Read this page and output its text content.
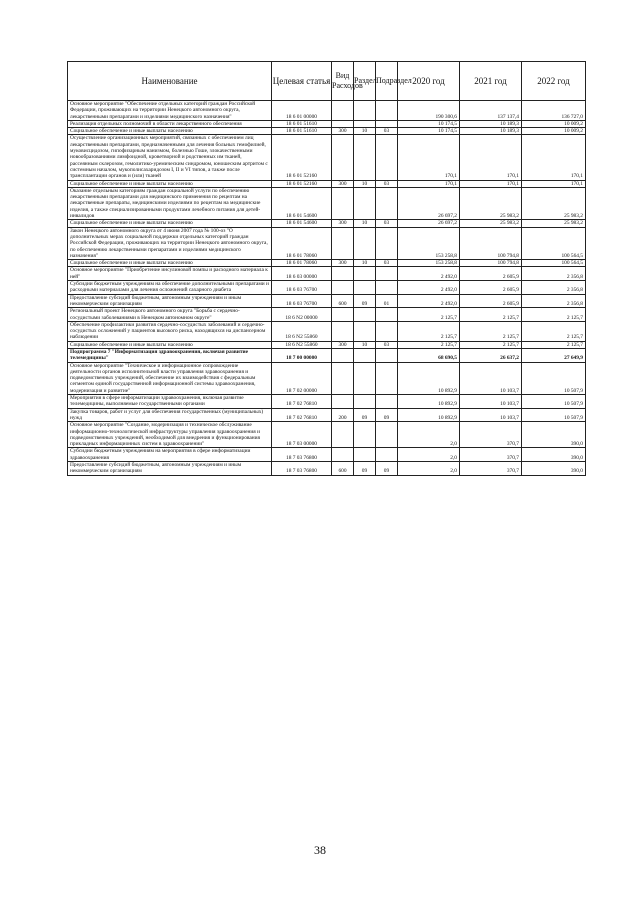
Наименование	Целевая статья	Вид Расходов	Раздел	Подраздел	2020 год	2021 год	2022 год
Основное мероприятие "Обеспечение отдельных категорий граждан Российской Федерации, проживающих на территории Ненецкого автономного округа, лекарственными препаратами и изделиями медицинского назначения"	18 6 01 00000				190 300,6	137 137,4	136 727,0
Реализация отдельных полномочий в области лекарственного обеспечения	18 6 01 51610				10 174,5	10 189,3	10 009,2
Социальное обеспечение и иные выплаты населению	18 6 01 51610	300	10	03	10 174,5	10 189,3	10 009,2
Осуществление организационных мероприятий, связанных с обеспечением лиц лекарственными препаратами, предназначенными для лечения больных гемофилией, муковисцидозом, гипофизарным нанизмом, болезнью Гоше, злокачественными новообразованиями лимфоидной, кроветворной и родственных им тканей, рассеянным склерозом, гемолитико-уремическим синдромом, юношеским артритом с системным началом, мукополисахаридозом I, II и VI типов, а также после трансплантации органов и (или) тканей	18 6 01 52160				170,1	170,1	170,1
Социальное обеспечение и иные выплаты населению	18 6 01 52160	300	10	03	170,1	170,1	170,1
Оказание отдельным категориям граждан социальной услуги по обеспечению лекарственными препаратами для медицинского применения по рецептам на лекарственные препараты, медицинскими изделиями по рецептам на медицинские изделия, а также специализированными продуктами лечебного питания для детей-инвалидов	18 6 01 54600				26 697,2	25 983,2	25 983,2
Социальное обеспечение и иные выплаты населению	18 6 01 54600	300	10	03	26 697,2	25 983,2	25 983,2
Закон Ненецкого автономного округа от 4 июня 2007 года № 100-оз "О дополнительных мерах социальной поддержки отдельных категорий граждан Российской Федерации, проживающих на территории Ненецкого автономного округа, по обеспечению лекарственными препаратами и изделиями медицинского назначения"	18 6 01 78060				153 258,8	100 794,8	100 564,5
Социальное обеспечение и иные выплаты населению	18 6 01 78060	300	10	03	153 258,8	100 794,8	100 564,5
Основное мероприятие "Приобретение инсулиновой помпы и расходного материала к ней"	18 6 03 00000				2 492,0	2 605,9	2 356,8
Субсидии бюджетным учреждениям на обеспечение дополнительными препаратами и расходными материалами для лечения осложнений сахарного диабета	18 6 03 76700				2 492,0	2 605,9	2 356,8
Предоставление субсидий бюджетным, автономным учреждениям и иным некоммерческим организациям	18 6 03 76700	600	09	01	2 492,0	2 605,9	2 356,8
Региональный проект Ненецкого автономного округа "Борьба с сердечно-сосудистыми заболеваниями в Ненецком автономном округе"	18 6 N2 00000				2 125,7	2 125,7	2 125,7
Обеспечение профилактики развития сердечно-сосудистых заболеваний и сердечно-сосудистых осложнений у пациентов высокого риска, находящихся на диспансерном наблюдении	18 6 N2 55860				2 125,7	2 125,7	2 125,7
Социальное обеспечение и иные выплаты населению	18 6 N2 55860	300	10	03	2 125,7	2 125,7	2 125,7
Подпрограмма 7 "Информатизация здравоохранения, включая развитие телемедицины"	18 7 00 00000				68 690,5	26 637,2	27 649,9
Основное мероприятие "Техническое и информационное сопровождение деятельности органов исполнительной власти управления здравоохранения и подведомственных учреждений, обеспечение их взаимодействия с федеральным сегментом единой государственной информационной системы здравоохранения, модернизация и развитие"	18 7 02 00000				10 892,9	10 103,7	10 507,9
Мероприятия в сфере информатизации здравоохранения, включая развитие телемедицины, выполняемые государственными органами	18 7 02 76810				10 892,9	10 103,7	10 507,9
Закупка товаров, работ и услуг для обеспечения государственных (муниципальных) нужд	18 7 02 76810	200	09	09	10 892,9	10 103,7	10 507,9
Основное мероприятие "Создание, модернизация и техническое обслуживание информационно-технологической инфраструктуры управления здравоохранения и подведомственных учреждений, необходимой для внедрения и функционирования прикладных информационных систем в здравоохранении"	18 7 03 00000				2,0	370,7	390,0
Субсидии бюджетным учреждениям на мероприятия в сфере информатизации здравоохранения	18 7 03 76800				2,0	370,7	390,0
Предоставление субсидий бюджетным, автономным учреждениям и иным некоммерческим организациям	18 7 03 76800	600	09	09	2,0	370,7	390,0
38
